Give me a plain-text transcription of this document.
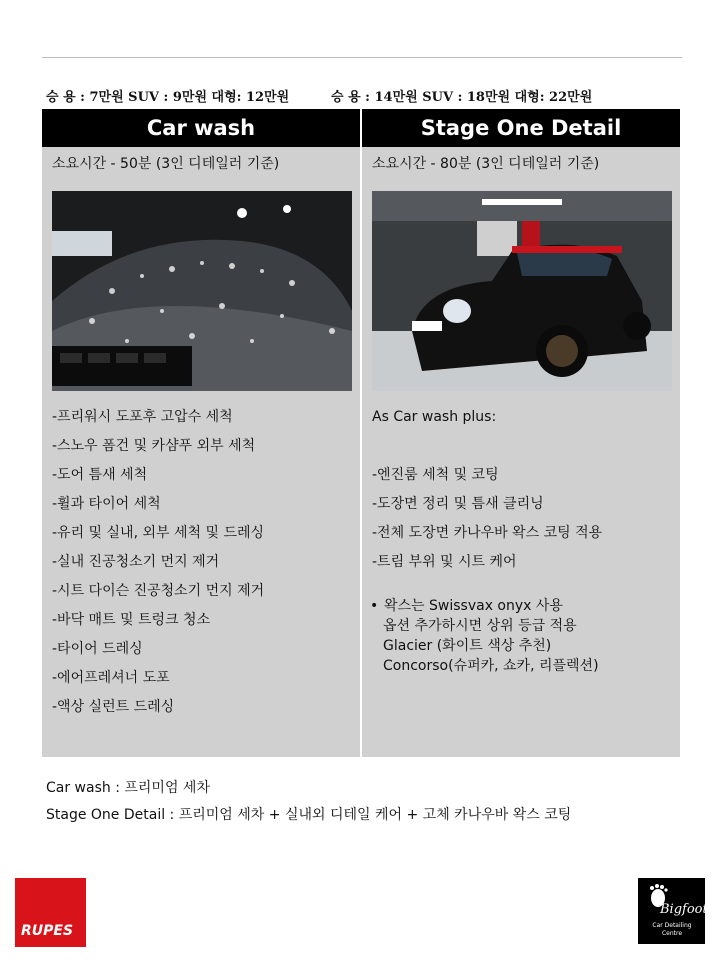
승 용 : 7만원 SUV : 9만원 대형: 12만원	승 용 : 14만원 SUV : 18만원 대형: 22만원
Car wash
소요시간 - 50분 (3인 디테일러 기준)
-프리워시 도포후 고압수 세척
-스노우 폼건 및 카샴푸 외부 세척
-도어 틈새 세척
-휠과 타이어 세척
-유리 및 실내, 외부 세척 및 드레싱
-실내 진공청소기 먼지 제거
-시트 다이슨 진공청소기 먼지 제거
-바닥 매트 및 트렁크 청소
-타이어 드레싱
-에어프레셔너 도포
-액상 실런트 드레싱
Stage One Detail
소요시간 - 80분 (3인 디테일러 기준)
As Car wash plus:
-엔진룸 세척 및 코팅
-도장면 정리 및 틈새 클리닝
-전체 도장면 카나우바 왁스 코팅 적용
-트림 부위 및 시트 케어
• 왁스는 Swissvax onyx 사용
옵션 추가하시면 상위 등급 적용
Glacier (화이트 색상 추천)
Concorso(슈퍼카, 쇼카, 리플렉션)
Car wash : 프리미엄 세차
Stage One Detail : 프리미엄 세차 + 실내외 디테일 케어 + 고체 카나우바 왁스 코팅
RUPES
Bigfoot
Car Detailing Centre
